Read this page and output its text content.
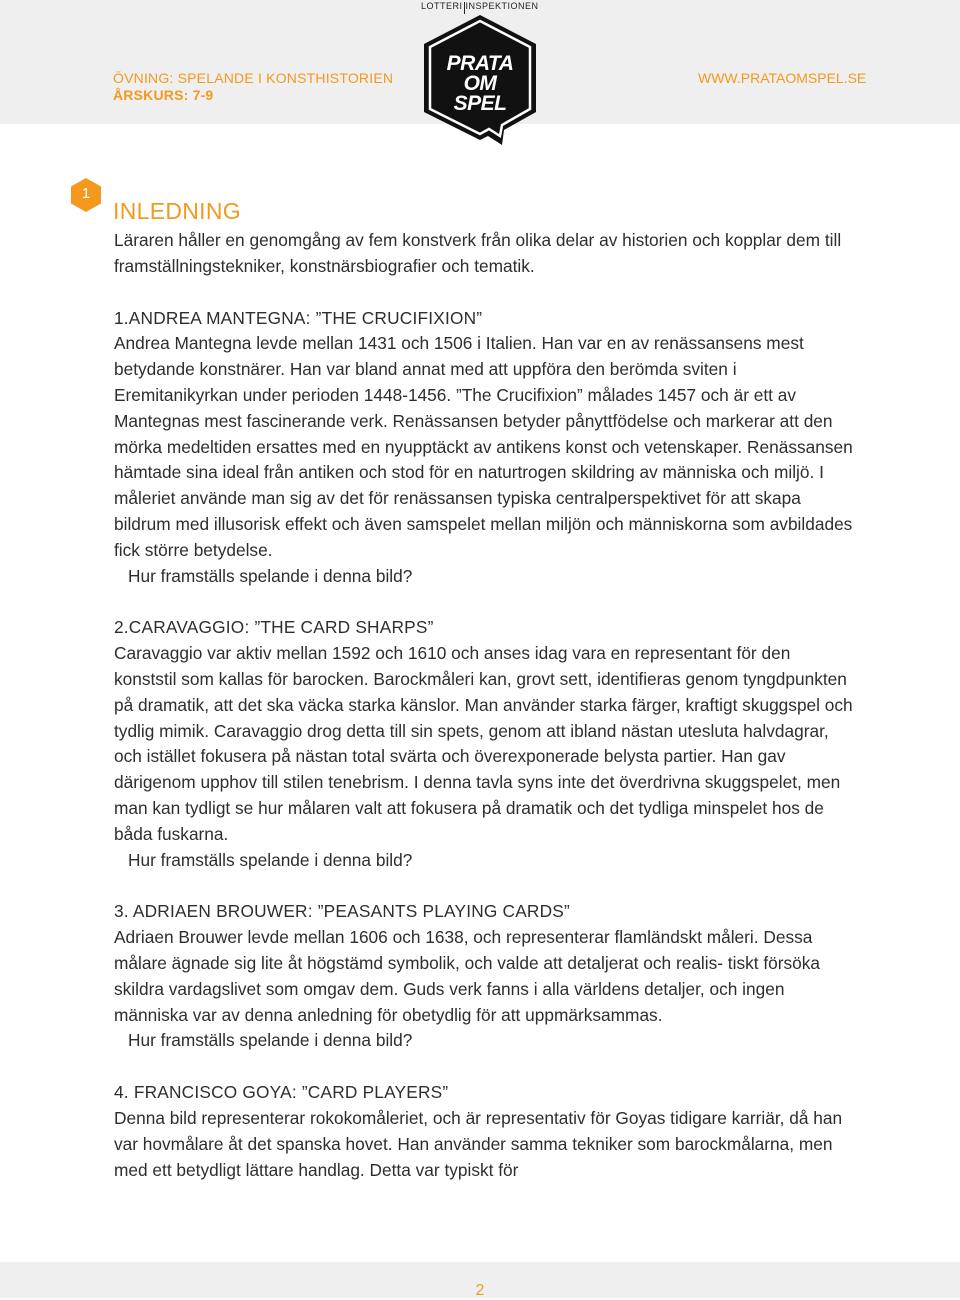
ÖVNING: SPELANDE I KONSTHISTORIEN
ÅRSKURS: 7-9
WWW.PRATAOMSPEL.SE
LOTTERI INSPEKTIONEN
PRATA
OM
SPEL
1
INLEDNING

Läraren håller en genomgång av fem konstverk från olika delar av historien och kopplar dem till framställningstekniker, konstnärsbiografier och tematik.

1.ANDREA MANTEGNA: ”THE CRUCIFIXION”

Andrea Mantegna levde mellan 1431 och 1506 i Italien. Han var en av renässansens mest betydande konstnärer. Han var bland annat med att uppföra den berömda sviten i Eremitanikyrkan under perioden 1448-1456. ”The Crucifixion” målades 1457 och är ett av Mantegnas mest fascinerande verk. Renässansen betyder pånyttfödelse och markerar att den mörka medeltiden ersattes med en nyupptäckt av antikens konst och vetenskaper. Renässansen hämtade sina ideal från antiken och stod för en naturtrogen skildring av människa och miljö. I måleriet använde man sig av det för renässansen typiska centralperspektivet för att skapa bildrum med illusorisk effekt och även samspelet mellan miljön och människorna som avbildades fick större betydelse.

Hur framställs spelande i denna bild?

2.CARAVAGGIO: ”THE CARD SHARPS”

Caravaggio var aktiv mellan 1592 och 1610 och anses idag vara en representant för den konststil som kallas för barocken. Barockmåleri kan, grovt sett, identifieras genom tyngdpunkten på dramatik, att det ska väcka starka känslor. Man använder starka färger, kraftigt skuggspel och tydlig mimik. Caravaggio drog detta till sin spets, genom att ibland nästan utesluta halvdagrar, och istället fokusera på nästan total svärta och överexponerade belysta partier. Han gav därigenom upphov till stilen tenebrism. I denna tavla syns inte det överdrivna skuggspelet, men man kan tydligt se hur målaren valt att fokusera på dramatik och det tydliga minspelet hos de båda fuskarna.

Hur framställs spelande i denna bild?

3. ADRIAEN BROUWER: ”PEASANTS PLAYING CARDS”

Adriaen Brouwer levde mellan 1606 och 1638, och representerar flamländskt måleri. Dessa målare ägnade sig lite åt högstämd symbolik, och valde att detaljerat och realis- tiskt försöka skildra vardagslivet som omgav dem. Guds verk fanns i alla världens detaljer, och ingen människa var av denna anledning för obetydlig för att uppmärksammas.

Hur framställs spelande i denna bild?

4. FRANCISCO GOYA: ”CARD PLAYERS”

Denna bild representerar rokokomåleriet, och är representativ för Goyas tidigare karriär, då han var hovmålare åt det spanska hovet. Han använder samma tekniker som barockmålarna, men med ett betydligt lättare handlag. Detta var typiskt för

2
